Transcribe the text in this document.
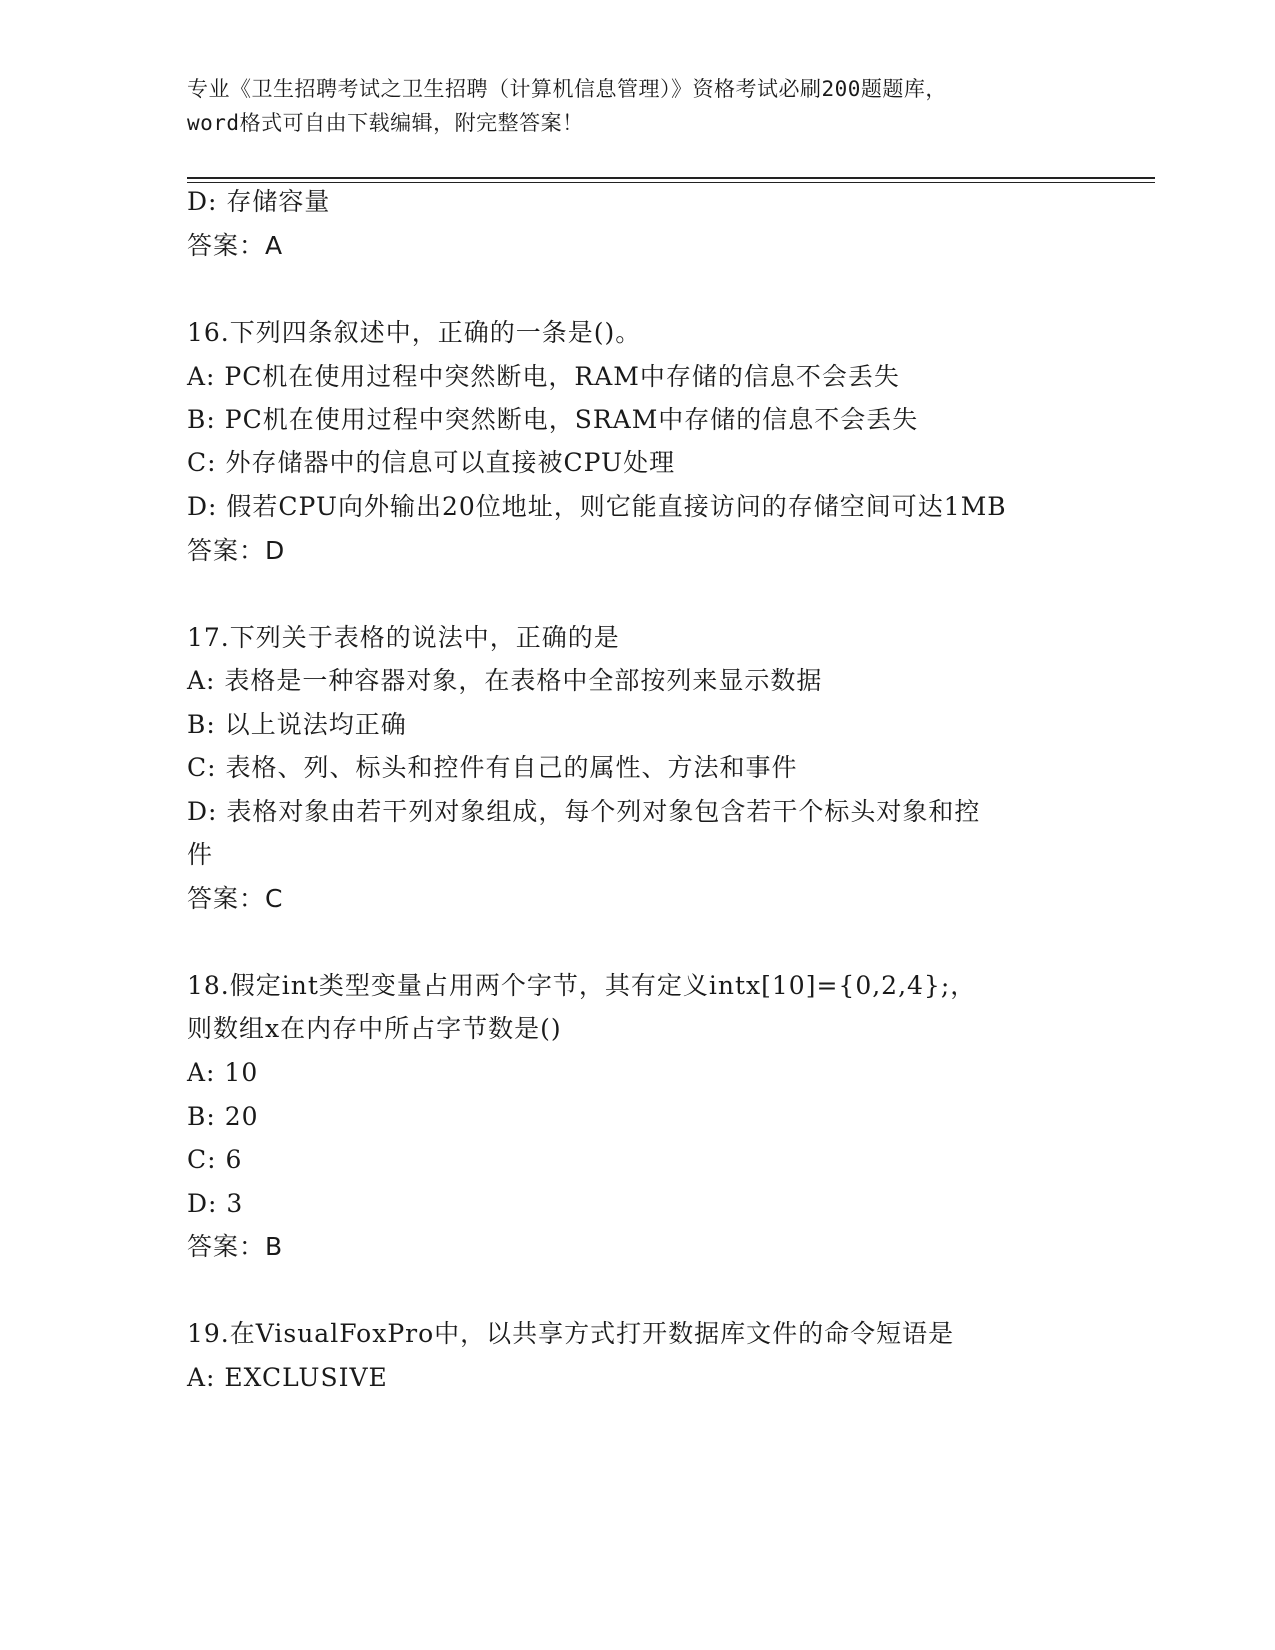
专业《卫生招聘考试之卫生招聘（计算机信息管理）》资格考试必刷200题题库，
word格式可自由下载编辑，附完整答案！
D: 存储容量
答案：A
16.下列四条叙述中，正确的一条是()。
A: PC机在使用过程中突然断电，RAM中存储的信息不会丢失
B: PC机在使用过程中突然断电，SRAM中存储的信息不会丢失
C: 外存储器中的信息可以直接被CPU处理
D: 假若CPU向外输出20位地址，则它能直接访问的存储空间可达1MB
答案：D
17.下列关于表格的说法中，正确的是
A: 表格是一种容器对象，在表格中全部按列来显示数据
B: 以上说法均正确
C: 表格、列、标头和控件有自己的属性、方法和事件
D: 表格对象由若干列对象组成，每个列对象包含若干个标头对象和控
件
答案：C
18.假定int类型变量占用两个字节，其有定义intx[10]={0,2,4};，
则数组x在内存中所占字节数是()
A: 10
B: 20
C: 6
D: 3
答案：B
19.在VisualFoxPro中，以共享方式打开数据库文件的命令短语是
A: EXCLUSIVE
